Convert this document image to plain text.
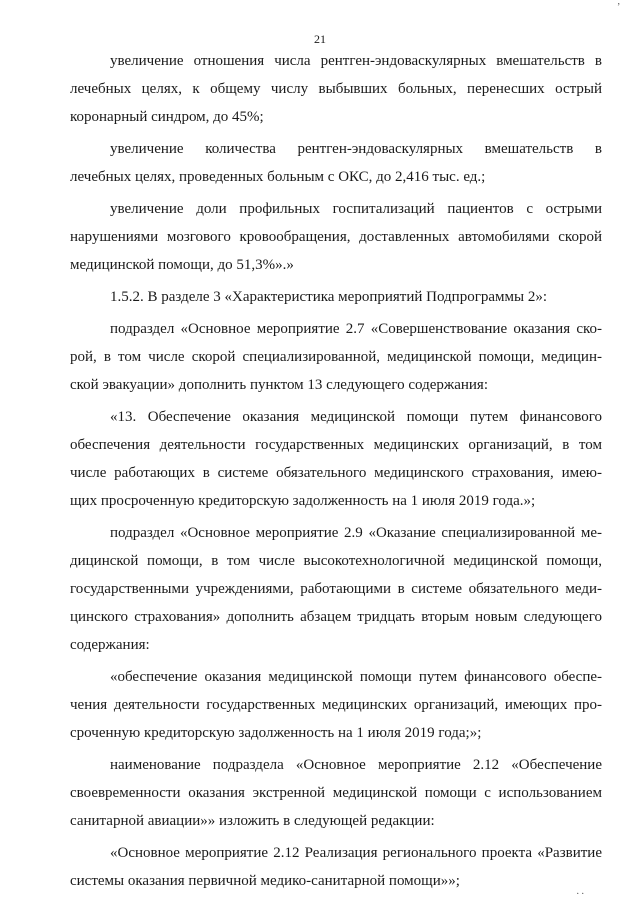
,
21

увеличение отношения числа рентген-эндоваскулярных вмешательств в
лечебных целях, к общему числу выбывших больных, перенесших острый
коронарный синдром, до 45%;

увеличение количества рентген-эндоваскулярных вмешательств в
лечебных целях, проведенных больным с ОКС, до 2,416 тыс. ед.;

увеличение доли профильных госпитализаций пациентов с острыми
нарушениями мозгового кровообращения, доставленных автомобилями скорой
медицинской помощи, до 51,3%».»

1.5.2. В разделе 3 «Характеристика мероприятий Подпрограммы 2»:

подраздел «Основное мероприятие 2.7 «Совершенствование оказания ско-
рой, в том числе скорой специализированной, медицинской помощи, медицин-
ской эвакуации» дополнить пунктом 13 следующего содержания:

«13. Обеспечение оказания медицинской помощи путем финансового
обеспечения деятельности государственных медицинских организаций, в том
числе работающих в системе обязательного медицинского страхования, имею-
щих просроченную кредиторскую задолженность на 1 июля 2019 года.»;

подраздел «Основное мероприятие 2.9 «Оказание специализированной ме-
дицинской помощи, в том числе высокотехнологичной медицинской помощи,
государственными учреждениями, работающими в системе обязательного меди-
цинского страхования» дополнить абзацем тридцать вторым новым следующего
содержания:

«обеспечение оказания медицинской помощи путем финансового обеспе-
чения деятельности государственных медицинских организаций, имеющих про-
сроченную кредиторскую задолженность на 1 июля 2019 года;»;

наименование подраздела «Основное мероприятие 2.12 «Обеспечение
своевременности оказания экстренной медицинской помощи с использованием
санитарной авиации»» изложить в следующей редакции:

«Основное мероприятие 2.12 Реализация регионального проекта «Развитие
системы оказания первичной медико-санитарной помощи»»;

. .
